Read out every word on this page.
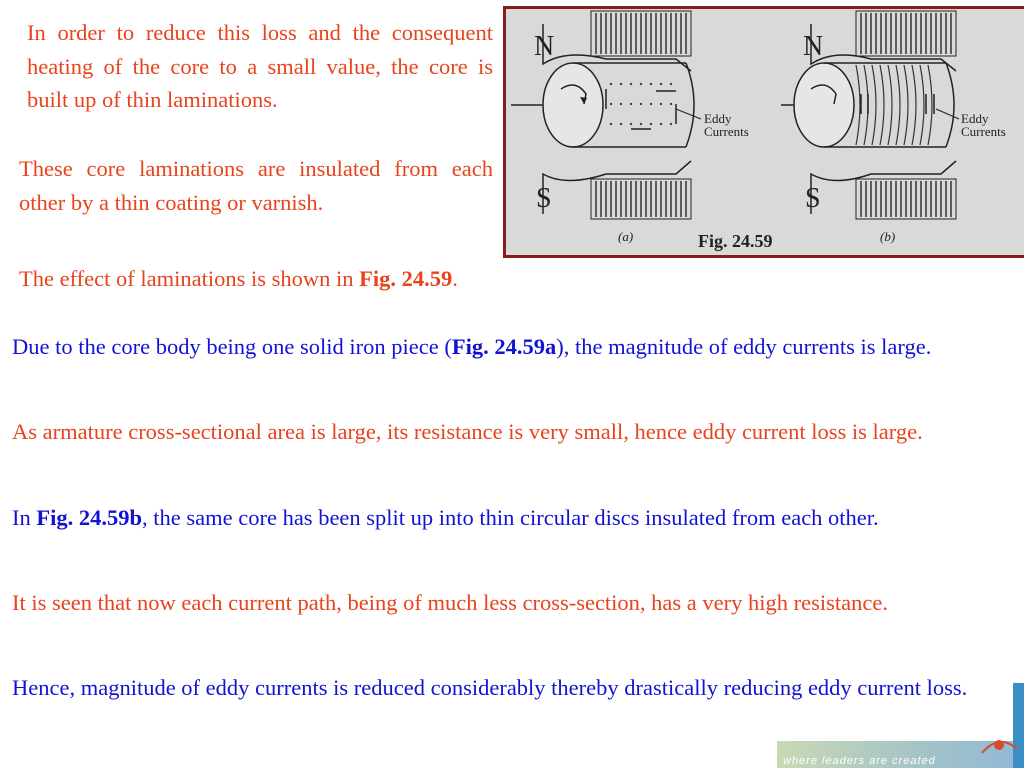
In order to reduce this loss and the consequent heating of the core to a small value, the core is built up of thin laminations.

These core laminations are insulated from each other by a thin coating or varnish.

The effect of laminations is shown in Fig. 24.59.

N
S
Eddy
Currents
(a)
N
S
Eddy
Currents
(b)
Fig. 24.59

Due to the core body being one solid iron piece (Fig. 24.59a), the magnitude of eddy currents is large.

As armature cross-sectional area is large, its resistance is very small, hence eddy current loss is large.

In Fig. 24.59b, the same core has been split up into thin circular discs insulated from each other.

It is seen that now each current path, being of much less cross-section, has a very high resistance.

Hence, magnitude of eddy currents is reduced considerably thereby drastically reducing eddy current loss.

where leaders are created
